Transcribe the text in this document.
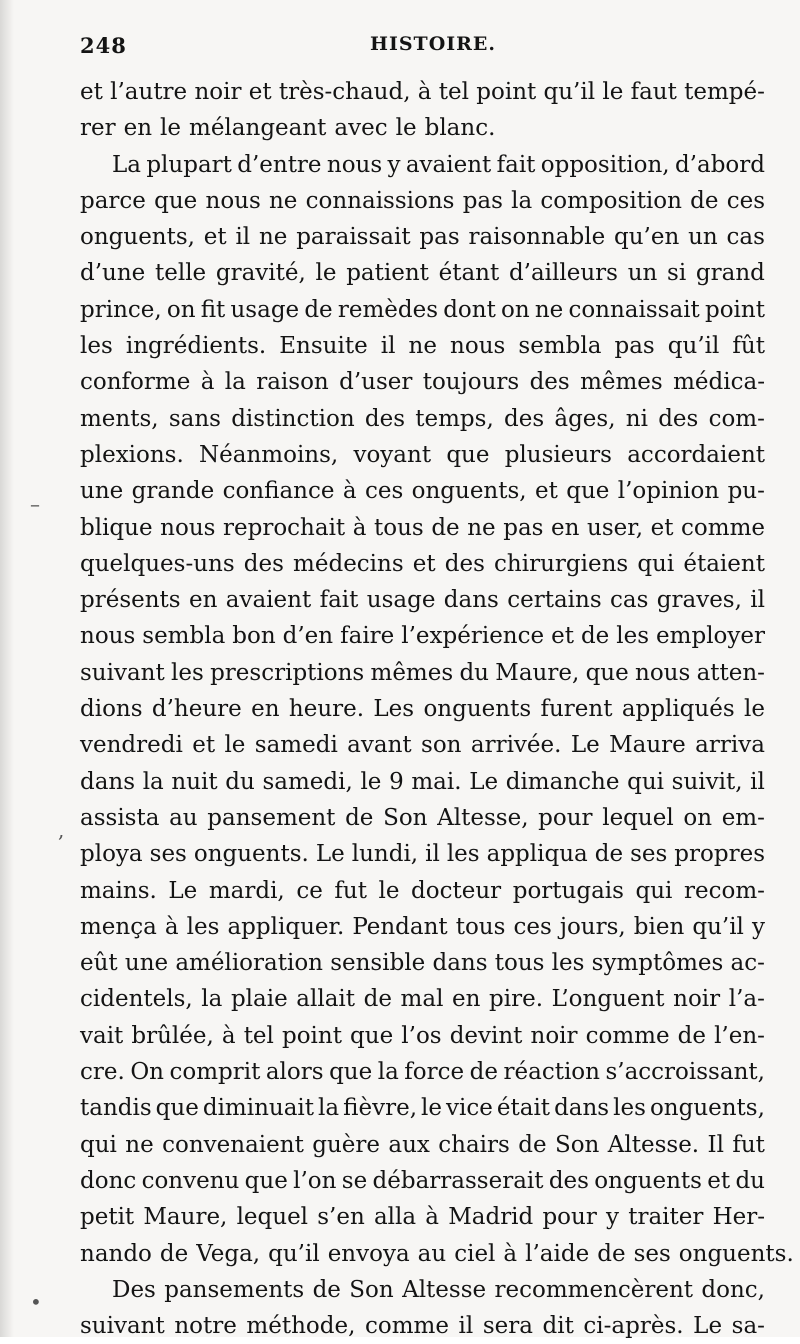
248	HISTOIRE.
et l’autre noir et très-chaud, à tel point qu’il le faut tempé-
rer en le mélangeant avec le blanc.
La plupart d’entre nous y avaient fait opposition, d’abord
parce que nous ne connaissions pas la composition de ces
onguents, et il ne paraissait pas raisonnable qu’en un cas
d’une telle gravité, le patient étant d’ailleurs un si grand
prince, on fit usage de remèdes dont on ne connaissait point
les ingrédients. Ensuite il ne nous sembla pas qu’il fût
conforme à la raison d’user toujours des mêmes médica-
ments, sans distinction des temps, des âges, ni des com-
plexions. Néanmoins, voyant que plusieurs accordaient
une grande confiance à ces onguents, et que l’opinion pu-
blique nous reprochait à tous de ne pas en user, et comme
quelques-uns des médecins et des chirurgiens qui étaient
présents en avaient fait usage dans certains cas graves, il
nous sembla bon d’en faire l’expérience et de les employer
suivant les prescriptions mêmes du Maure, que nous atten-
dions d’heure en heure. Les onguents furent appliqués le
vendredi et le samedi avant son arrivée. Le Maure arriva
dans la nuit du samedi, le 9 mai. Le dimanche qui suivit, il
assista au pansement de Son Altesse, pour lequel on em-
ploya ses onguents. Le lundi, il les appliqua de ses propres
mains. Le mardi, ce fut le docteur portugais qui recom-
mença à les appliquer. Pendant tous ces jours, bien qu’il y
eût une amélioration sensible dans tous les symptômes ac-
cidentels, la plaie allait de mal en pire. L’onguent noir l’a-
vait brûlée, à tel point que l’os devint noir comme de l’en-
cre. On comprit alors que la force de réaction s’accroissant,
tandis que diminuait la fièvre, le vice était dans les onguents,
qui ne convenaient guère aux chairs de Son Altesse. Il fut
donc convenu que l’on se débarrasserait des onguents et du
petit Maure, lequel s’en alla à Madrid pour y traiter Her-
nando de Vega, qu’il envoya au ciel à l’aide de ses onguents.
Des pansements de Son Altesse recommencèrent donc,
suivant notre méthode, comme il sera dit ci-après. Le sa-
–
,
•
